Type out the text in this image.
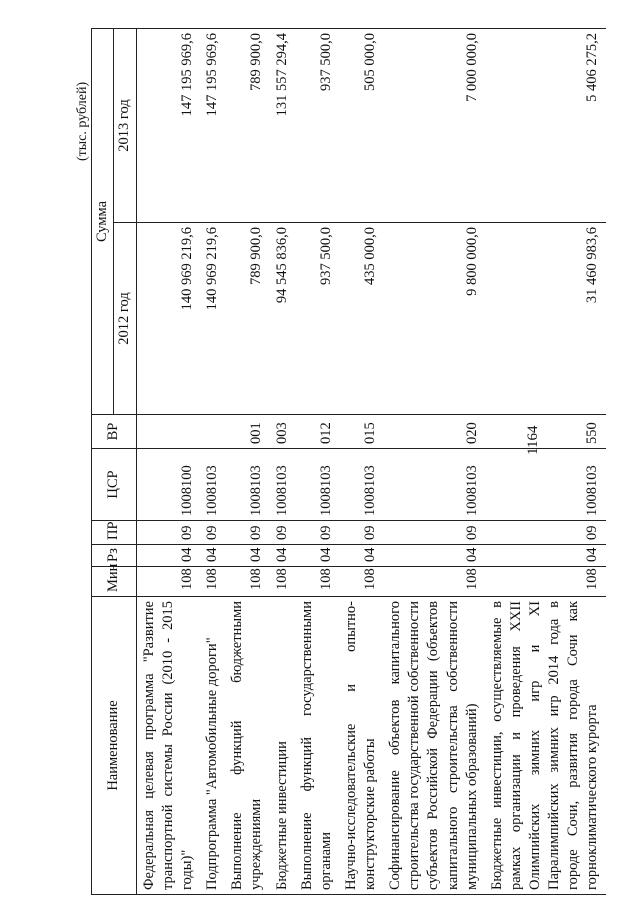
1164
(тыс. рублей)
Наименование	Мин	Рз	ПР	ЦСР	ВР	Сумма	
						2012 год	2013 год
Федеральная целевая программа "Развитие транспортной системы России (2010 - 2015 годы)"	108	04	09	1008100		140 969 219,6	147 195 969,6
Подпрограмма "Автомобильные дороги"	108	04	09	1008103		140 969 219,6	147 195 969,6
Выполнение функций бюджетными учреждениями	108	04	09	1008103	001	789 900,0	789 900,0
Бюджетные инвестиции	108	04	09	1008103	003	94 545 836,0	131 557 294,4
Выполнение функций государственными органами	108	04	09	1008103	012	937 500,0	937 500,0
Научно-исследовательские и опытно-конструкторские работы	108	04	09	1008103	015	435 000,0	505 000,0
Софинансирование объектов капитального строительства государственной собственности субъектов Российской Федерации (объектов капитального строительства собственности муниципальных образований)	108	04	09	1008103	020	9 800 000,0	7 000 000,0
Бюджетные инвестиции, осуществляемые в рамках организации и проведения XXII Олимпийских зимних игр и XI Паралимпийских зимних игр 2014 года в городе Сочи, развития города Сочи как горноклиматического курорта	108	04	09	1008103	550	31 460 983,6	5 406 275,2
